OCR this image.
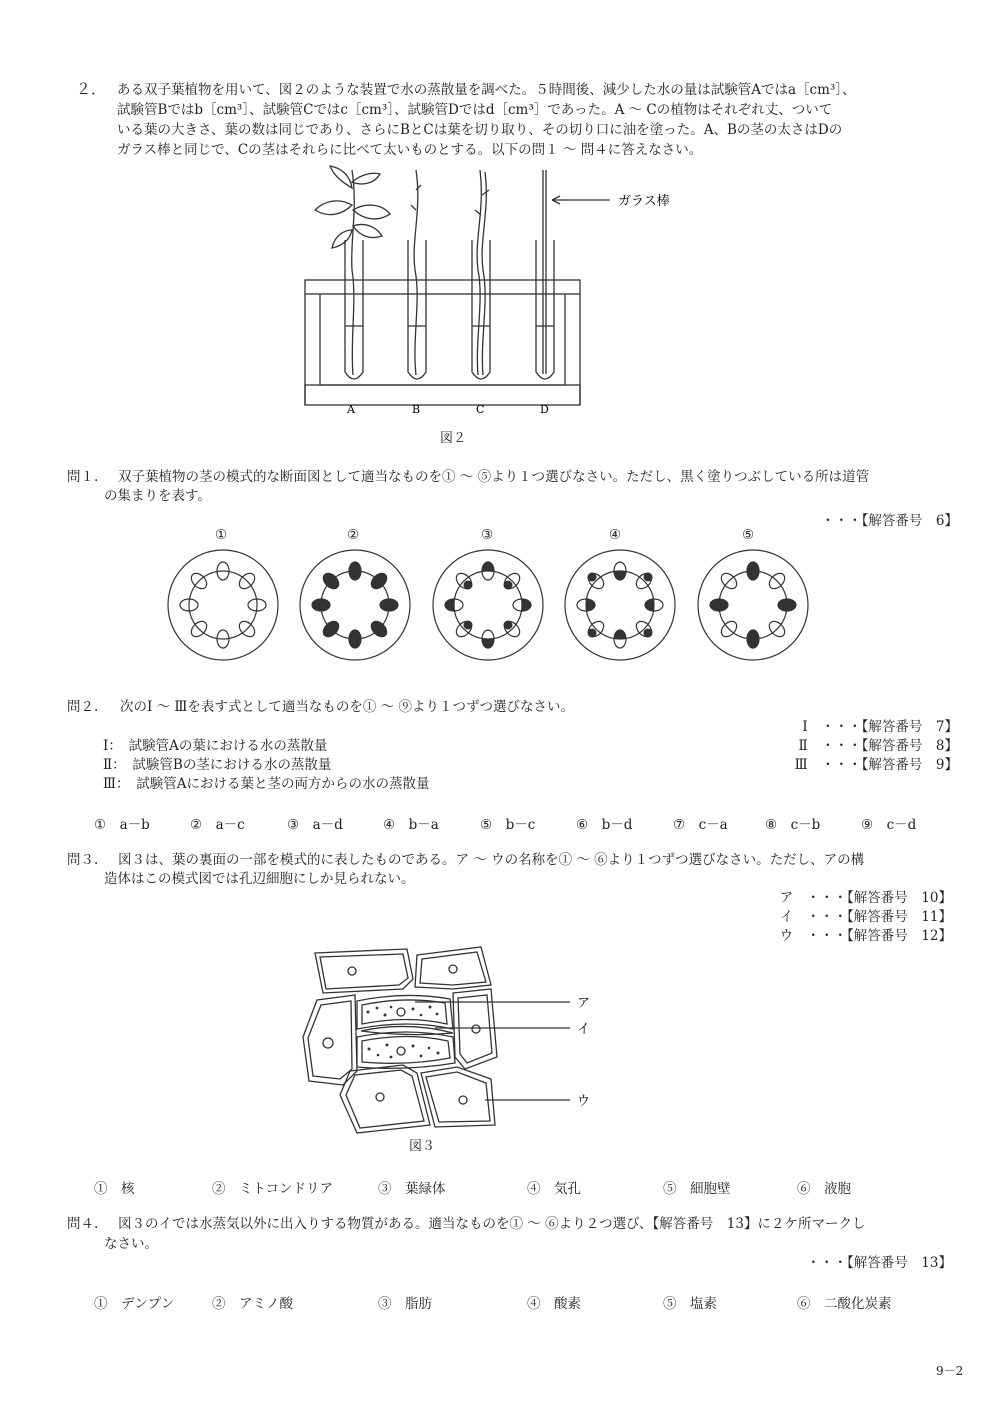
２． ある双子葉植物を用いて、図２のような装置で水の蒸散量を調べた。５時間後、減少した水の量は試験管Aではa［cm³］、
試験管Bではb［cm³］、試験管Cではc［cm³］、試験管Dではd［cm³］であった。A ～ Cの植物はそれぞれ丈、ついて
いる葉の大きさ、葉の数は同じであり、さらにBとCは葉を切り取り、その切り口に油を塗った。A、Bの茎の太さはDの
ガラス棒と同じで、Cの茎はそれらに比べて太いものとする。以下の問１ ～ 問４に答えなさい。
ガラス棒
A	B	C	D
図２
問１. 双子葉植物の茎の模式的な断面図として適当なものを① ～ ⑤より１つ選びなさい。ただし、黒く塗りつぶしている所は道管
の集まりを表す。
・・・【解答番号　6】
①	②	③	④	⑤
問２. 次のⅠ ～ Ⅲを表す式として適当なものを① ～ ⑨より１つずつ選びなさい。
Ⅰ　・・・【解答番号　7】
Ⅱ　・・・【解答番号　8】
Ⅲ　・・・【解答番号　9】
Ⅰ：　試験管Aの葉における水の蒸散量
Ⅱ：　試験管Bの茎における水の蒸散量
Ⅲ：　試験管Aにおける葉と茎の両方からの水の蒸散量
①　a－b	②　a－c	③　a－d	④　b－a	⑤　b－c	⑥　b－d	⑦　c－a	⑧　c－b	⑨　c－d
問３. 図３は、葉の裏面の一部を模式的に表したものである。ア ～ ウの名称を① ～ ⑥より１つずつ選びなさい。ただし、アの構
造体はこの模式図では孔辺細胞にしか見られない。
ア　・・・【解答番号　10】
イ　・・・【解答番号　11】
ウ　・・・【解答番号　12】
ア
イ
ウ
図３
①　核	②　ミトコンドリア	③　葉緑体	④　気孔	⑤　細胞壁	⑥　液胞
問４. 図３のイでは水蒸気以外に出入りする物質がある。適当なものを① ～ ⑥より２つ選び、【解答番号　13】に２ケ所マークし
なさい。
・・・【解答番号　13】
①　デンプン	②　アミノ酸	③　脂肪	④　酸素	⑤　塩素	⑥　二酸化炭素
9－2
